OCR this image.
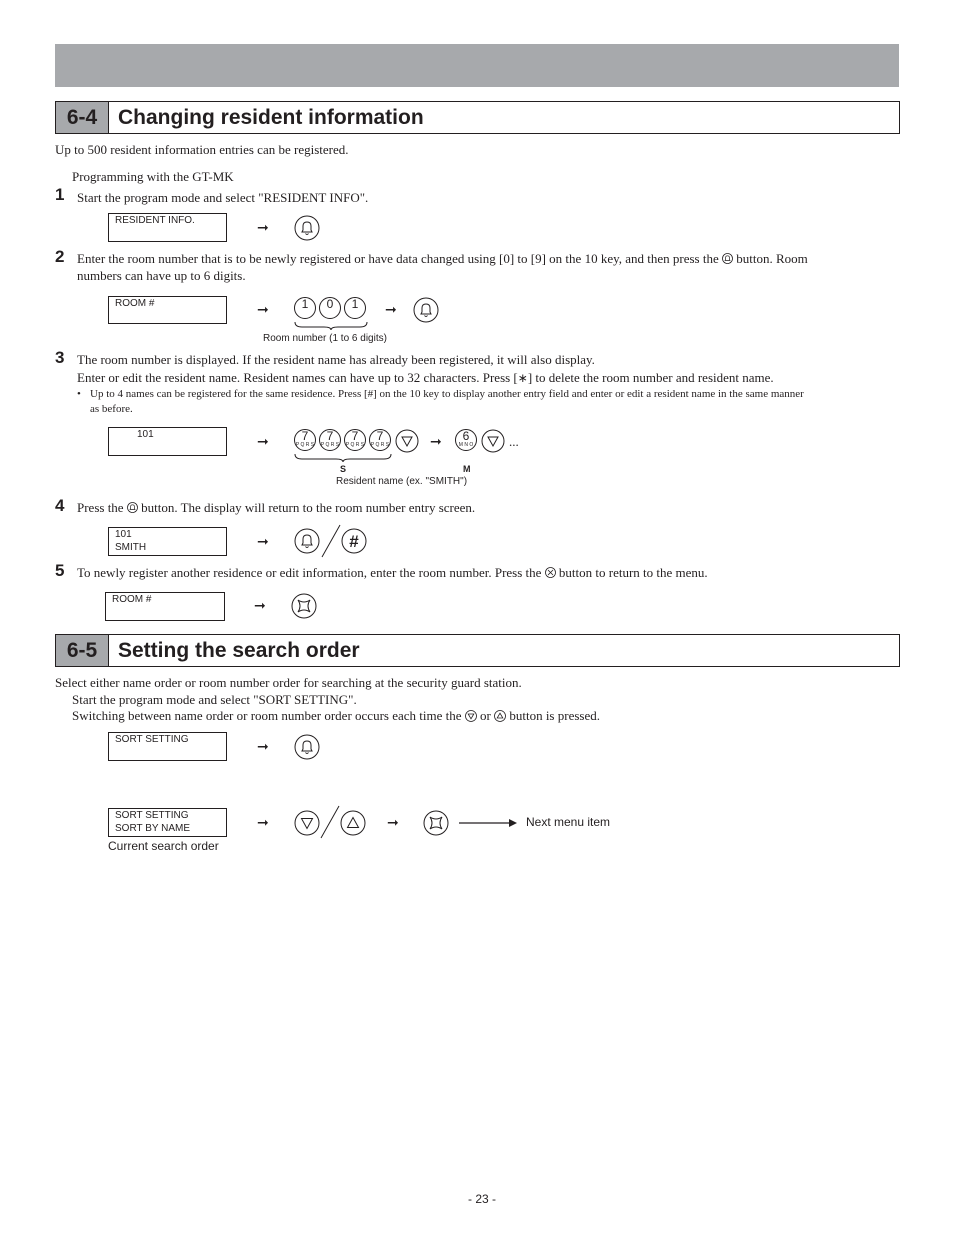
6-4 Changing resident information
Up to 500 resident information entries can be registered.
Programming with the GT-MK
1 Start the program mode and select "RESIDENT INFO".
RESIDENT INFO.	➞
2 Enter the room number that is to be newly registered or have data changed using [0] to [9] on the 10 key, and then press the button. Room
numbers can have up to 6 digits.
ROOM #	➞	1	0	1	➞
Room number (1 to 6 digits)
3 The room number is displayed. If the resident name has already been registered, it will also display.
Enter or edit the resident name. Resident names can have up to 32 characters. Press [∗] to delete the room number and resident name.
• Up to 4 names can be registered for the same residence. Press [#] on the 10 key to display another entry field and enter or edit a resident name in the same manner
as before.
101	➞	7
P Q R S
7
P Q R S
7
P Q R S
7
P Q R S	➞	6
M N O	...
S	M
Resident name (ex. "SMITH")
4 Press the button. The display will return to the room number entry screen.
101
SMITH	➞	#
5 To newly register another residence or edit information, enter the room number. Press the button to return to the menu.
ROOM #	➞
6-5 Setting the search order
Select either name order or room number order for searching at the security guard station.
Start the program mode and select "SORT SETTING".
Switching between name order or room number order occurs each time the or button is pressed.
SORT SETTING	➞
SORT SETTING
SORT BY NAME
Current search order
➞	➞	Next menu item
- 23 -
